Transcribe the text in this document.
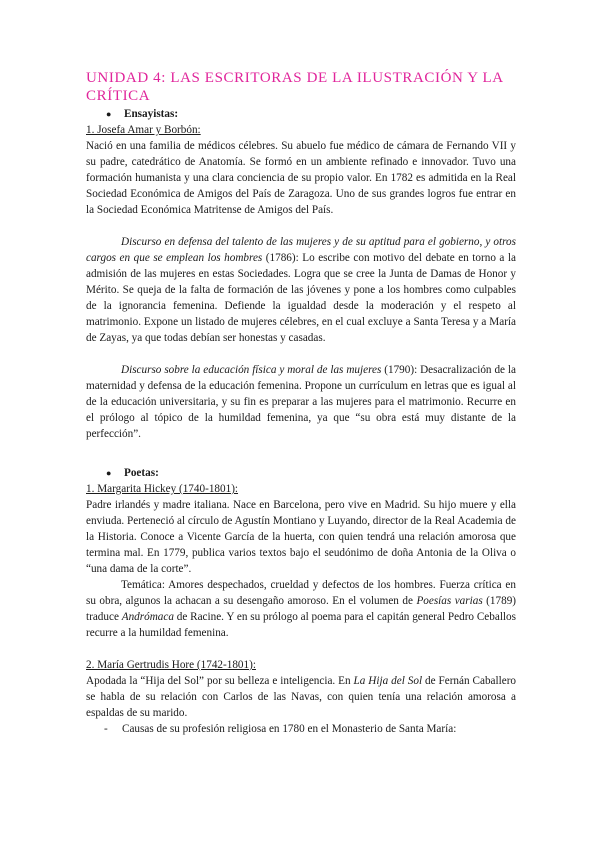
UNIDAD 4: LAS ESCRITORAS DE LA ILUSTRACIÓN Y LA CRÍTICA
●	Ensayistas:
1. Josefa Amar y Borbón:

Nació en una familia de médicos célebres. Su abuelo fue médico de cámara de Fernando VII y su padre, catedrático de Anatomía. Se formó en un ambiente refinado e innovador. Tuvo una formación humanista y una clara conciencia de su propio valor. En 1782 es admitida en la Real Sociedad Económica de Amigos del País de Zaragoza. Uno de sus grandes logros fue entrar en la Sociedad Económica Matritense de Amigos del País.

Discurso en defensa del talento de las mujeres y de su aptitud para el gobierno, y otros cargos en que se emplean los hombres (1786): Lo escribe con motivo del debate en torno a la admisión de las mujeres en estas Sociedades. Logra que se cree la Junta de Damas de Honor y Mérito. Se queja de la falta de formación de las jóvenes y pone a los hombres como culpables de la ignorancia femenina. Defiende la igualdad desde la moderación y el respeto al matrimonio. Expone un listado de mujeres célebres, en el cual excluye a Santa Teresa y a María de Zayas, ya que todas debían ser honestas y casadas.

Discurso sobre la educación física y moral de las mujeres (1790): Desacralización de la maternidad y defensa de la educación femenina. Propone un currículum en letras que es igual al de la educación universitaria, y su fin es preparar a las mujeres para el matrimonio. Recurre en el prólogo al tópico de la humildad femenina, ya que “su obra está muy distante de la perfección”.

●	Poetas:
1. Margarita Hickey (1740-1801):

Padre irlandés y madre italiana. Nace en Barcelona, pero vive en Madrid. Su hijo muere y ella enviuda. Perteneció al círculo de Agustín Montiano y Luyando, director de la Real Academia de la Historia. Conoce a Vicente García de la huerta, con quien tendrá una relación amorosa que termina mal. En 1779, publica varios textos bajo el seudónimo de doña Antonia de la Oliva o “una dama de la corte”.

Temática: Amores despechados, crueldad y defectos de los hombres. Fuerza crítica en su obra, algunos la achacan a su desengaño amoroso. En el volumen de Poesías varias (1789) traduce Andrómaca de Racine. Y en su prólogo al poema para el capitán general Pedro Ceballos recurre a la humildad femenina.

2. María Gertrudis Hore (1742-1801):

Apodada la “Hija del Sol” por su belleza e inteligencia. En La Hija del Sol de Fernán Caballero se habla de su relación con Carlos de las Navas, con quien tenía una relación amorosa a espaldas de su marido.

-	Causas de su profesión religiosa en 1780 en el Monasterio de Santa María:
